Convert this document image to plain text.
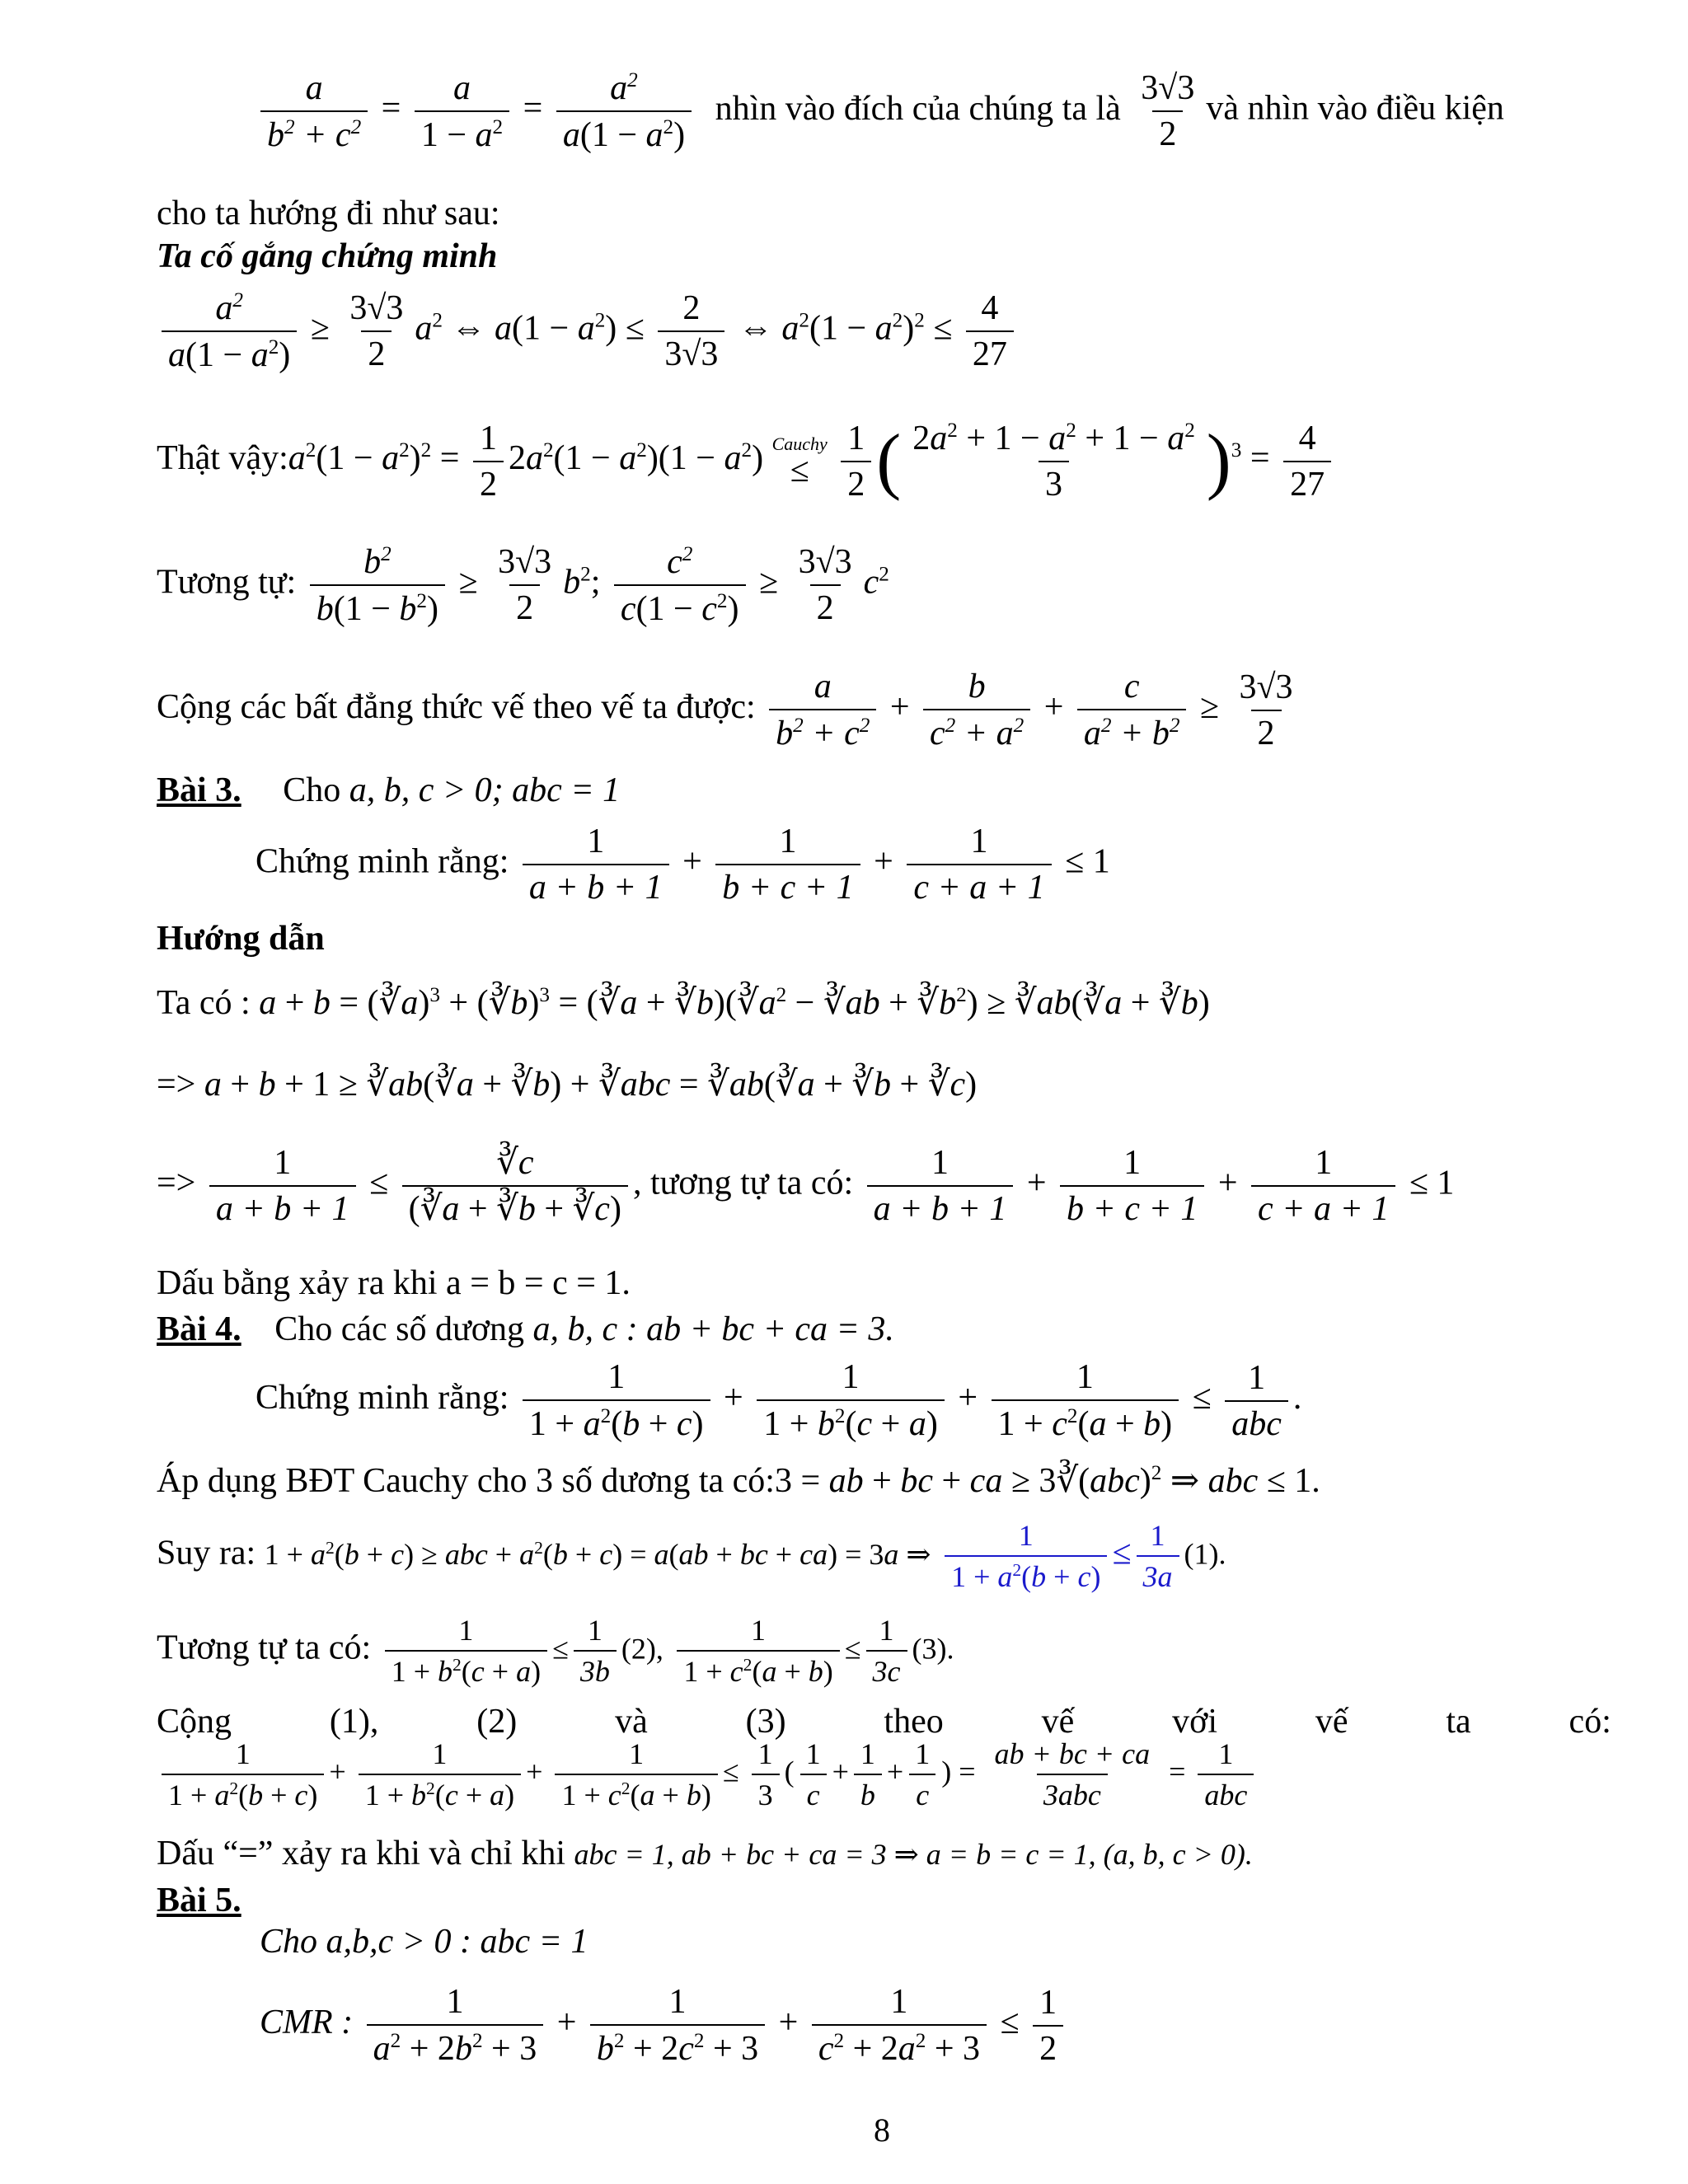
$\frac{a}{b^2 + c^2} = \frac{a}{1 - a^2} = \frac{a^2}{a(1 - a^2)}$ nhìn vào đích của chúng ta là $\frac{3√3}{2}$ và nhìn vào điều kiện
cho ta hướng đi như sau:
Ta cố gắng chứng minh
$\frac{a^2}{a(1 - a^2)} \ge \frac{3√3}{2} a^2$ ⇔ $a(1 - a^2) \le \frac{2}{3√3}$ ⇔ $a^2(1 - a^2)^2 \le \frac{4}{27}$
Thật $vậy:a^2(1 - a^2)^2 = \frac{1}{2} 2a^2(1 - a^2)(1 - a^2)$ Cauchy
≤
$\frac{1}{2}$ ( $\frac{2a^2 + 1 - a^2 + 1 - a^2}{3} )^3 = \frac{4}{27}$
Tương tự: $\frac{b^2}{b(1 - b^2)} \ge \frac{3√3}{2} b^2$; $\frac{c^2}{c(1 - c^2)} \ge \frac{3√3}{2} c^2$
Cộng các bất đẳng thức vế theo vế ta được: $\frac{a}{b^2 + c^2} + \frac{b}{c^2 + a^2} + \frac{c}{a^2 + b^2} \ge \frac{3√3}{2}$
Bài 3. Cho a, b, c > 0; abc = 1
Chứng minh rằng: $\frac{1}{a + b + 1} + \frac{1}{b + c + 1} + \frac{1}{c + a + 1} \le 1$
Hướng dẫn
Ta có : a + b = (∛a)$^3$ + (∛b)$^3$ = (∛a + $∛b)(∛a^2$ − ∛ab + $∛b^2$) ≥ ∛ab(∛a + ∛b)
=> a + b + 1 ≥ ∛ab(∛a + ∛b) + ∛abc = ∛ab(∛a + ∛b + ∛c)
=> $\frac{1}{a + b + 1} \le \frac{∛c}{(∛a + ∛b + ∛c)}$ , tương tự ta có: $\frac{1}{a + b + 1} + \frac{1}{b + c + 1} + \frac{1}{c + a + 1} \le 1$
Dấu bằng xảy ra khi a = b = c = 1.
Bài 4. Cho các số dương a, b, c : ab + bc + ca = 3.
Chứng minh rằng: $\frac{1}{1 + a^2(b + c)} + \frac{1}{1 + b^2(c + a)} + \frac{1}{1 + c^2(a + b)}$ ≤
1
abc
.
Áp dụng BĐT Cauchy cho 3 số dương ta có:3 = ab + bc + ca ≥ 3∛(abc)$^2$ ⇒ abc ≤ 1.
Suy ra: $1 + a^2(b + c)$ ≥ abc + $a^2(b + c) = a(ab$ + bc + ca) = 3a ⇒ $\frac{1}{1 + a^2(b + c)} \le \frac{1}{3a} (1)$.
Tương tự ta có: $\frac{1}{1 + b^2(c + a)} \le \frac{1}{3b} (2)$, $\frac{1}{1 + c^2(a + b)} \le \frac{1}{3c} (3)$.
Cộng	(1),	(2)	và	(3)	theo	vế	với	vế	ta	có:
$\frac{1}{1 + a^2(b + c)} + \frac{1}{1 + b^2(c + a)} + \frac{1}{1 + c^2(a + b)} \le \frac{1}{3}$ ( $\frac{1}{c} + \frac{1}{b} + \frac{1}{c}$ ) =
ab + bc + ca
3abc
=
1
abc
Dấu “=” xảy ra khi và chỉ khi abc = 1, ab + bc + ca = 3 ⇒ a = b = c = 1, (a, b, c > 0).
Bài 5.
Cho a,b,c > 0 : abc = 1
CMR : $\frac{1}{a^2 + 2b^2 + 3} + \frac{1}{b^2 + 2c^2 + 3} + \frac{1}{c^2 + 2a^2 + 3} \le \frac{1}{2}$
8
